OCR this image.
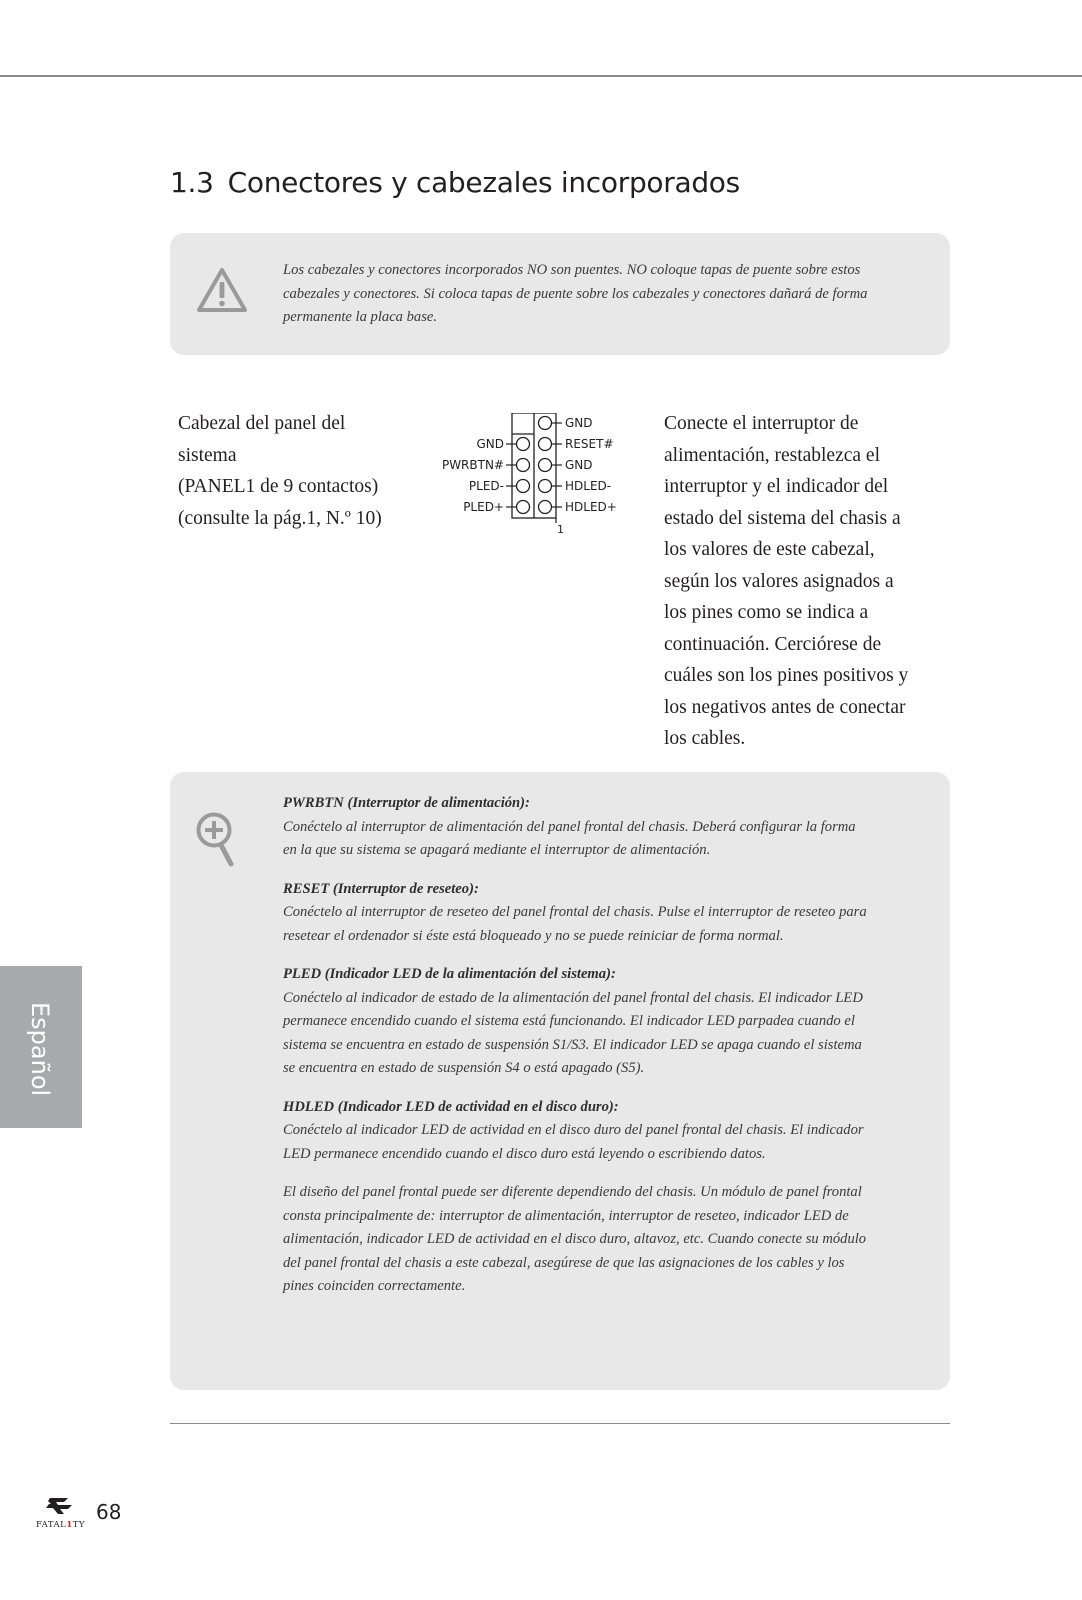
1.3 Conectores y cabezales incorporados
Los cabezales y conectores incorporados NO son puentes. NO coloque tapas de puente sobre estos cabezales y conectores. Si coloca tapas de puente sobre los cabezales y conectores dañará de forma permanente la placa base.
Cabezal del panel del
sistema
(PANEL1 de 9 contactos)
(consulte la pág.1, N.º 10)
GND
RESET#
GND
HDLED-
HDLED+
GND
PWRBTN#
PLED-
PLED+
1
Conecte el interruptor de alimentación, restablezca el interruptor y el indicador del estado del sistema del chasis a los valores de este cabezal, según los valores asignados a los pines como se indica a continuación. Cerciórese de cuáles son los pines positivos y los negativos antes de conectar los cables.
PWRBTN (Interruptor de alimentación):
Conéctelo al interruptor de alimentación del panel frontal del chasis. Deberá configurar la forma en la que su sistema se apagará mediante el interruptor de alimentación.
RESET (Interruptor de reseteo):
Conéctelo al interruptor de reseteo del panel frontal del chasis. Pulse el interruptor de reseteo para resetear el ordenador si éste está bloqueado y no se puede reiniciar de forma normal.
PLED (Indicador LED de la alimentación del sistema):
Conéctelo al indicador de estado de la alimentación del panel frontal del chasis. El indicador LED permanece encendido cuando el sistema está funcionando. El indicador LED parpadea cuando el sistema se encuentra en estado de suspensión S1/S3. El indicador LED se apaga cuando el sistema se encuentra en estado de suspensión S4 o está apagado (S5).
HDLED (Indicador LED de actividad en el disco duro):
Conéctelo al indicador LED de actividad en el disco duro del panel frontal del chasis. El indicador LED permanece encendido cuando el disco duro está leyendo o escribiendo datos.
El diseño del panel frontal puede ser diferente dependiendo del chasis. Un módulo de panel frontal consta principalmente de: interruptor de alimentación, interruptor de reseteo, indicador LED de alimentación, indicador LED de actividad en el disco duro, altavoz, etc. Cuando conecte su módulo del panel frontal del chasis a este cabezal, asegúrese de que las asignaciones de los cables y los pines coinciden correctamente.
Español
FATAL1TY
68
